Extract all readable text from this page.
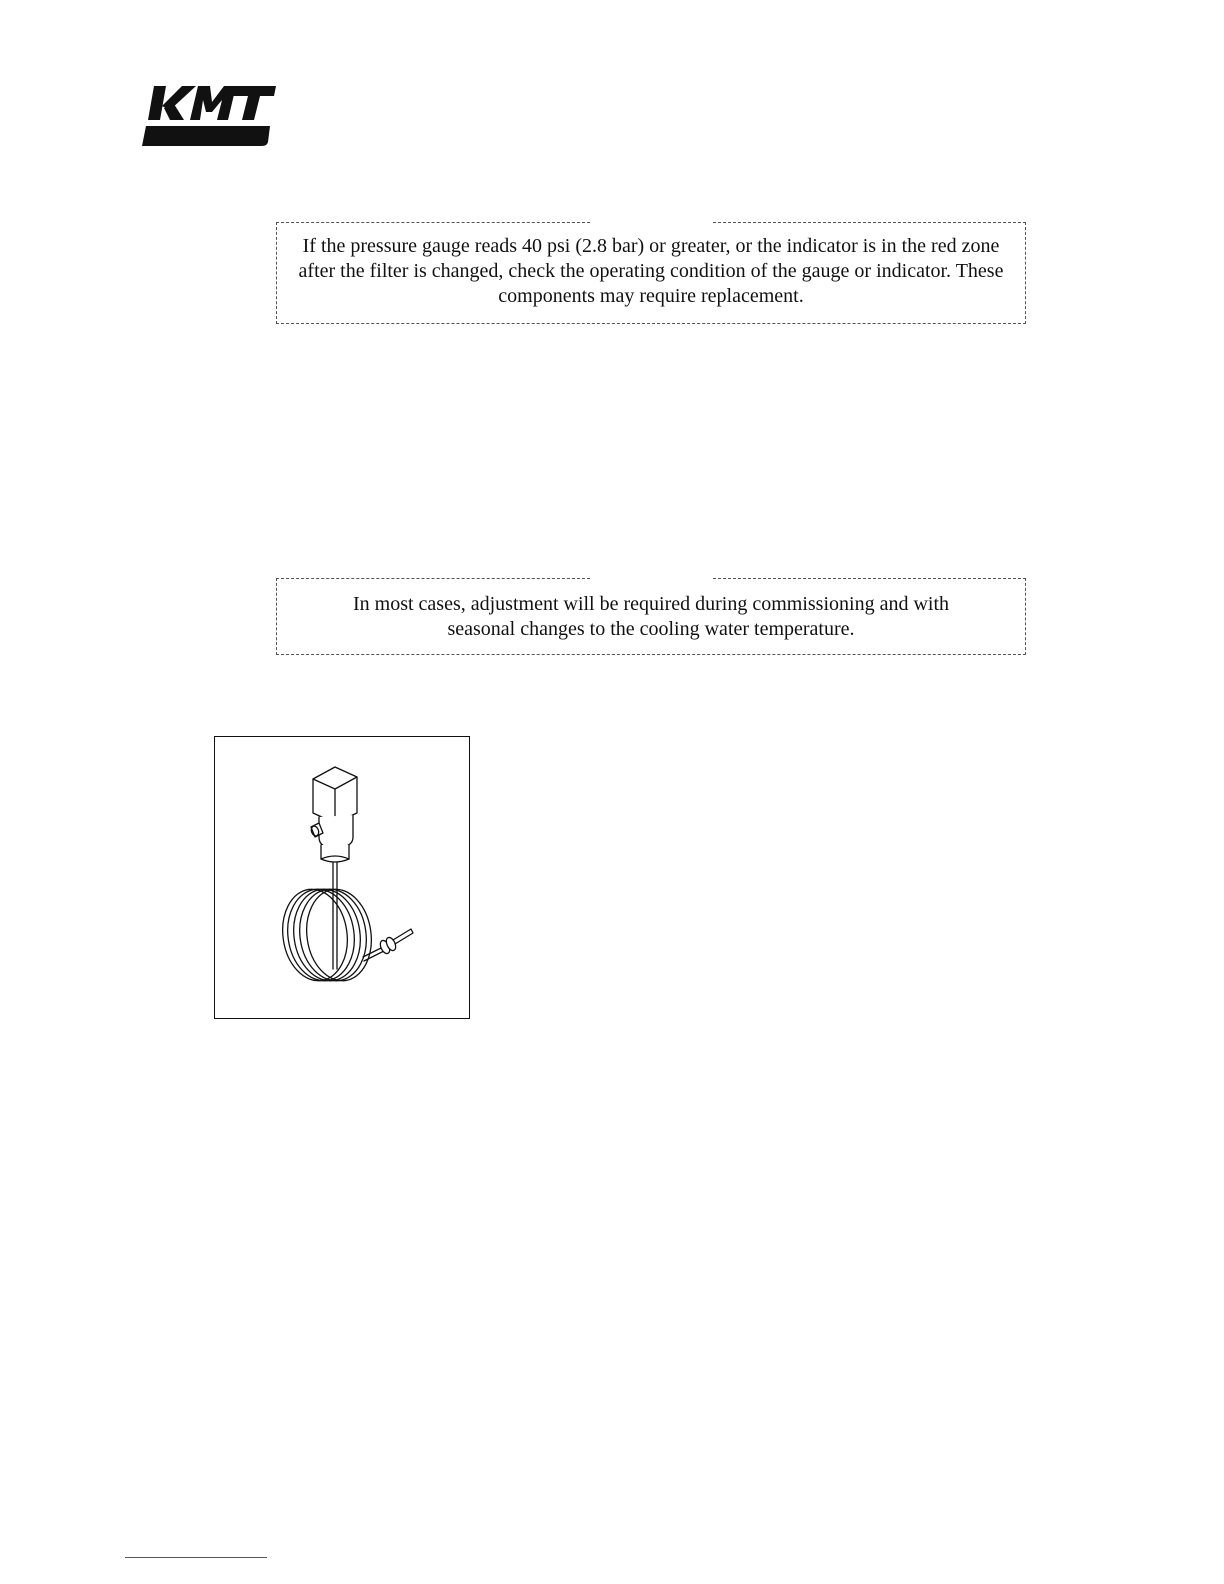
If the pressure gauge reads 40 psi (2.8 bar) or greater, or the indicator is in the red zone after the filter is changed, check the operating condition of the gauge or indicator. These components may require replacement.

In most cases, adjustment will be required during commissioning and with seasonal changes to the cooling water temperature.
